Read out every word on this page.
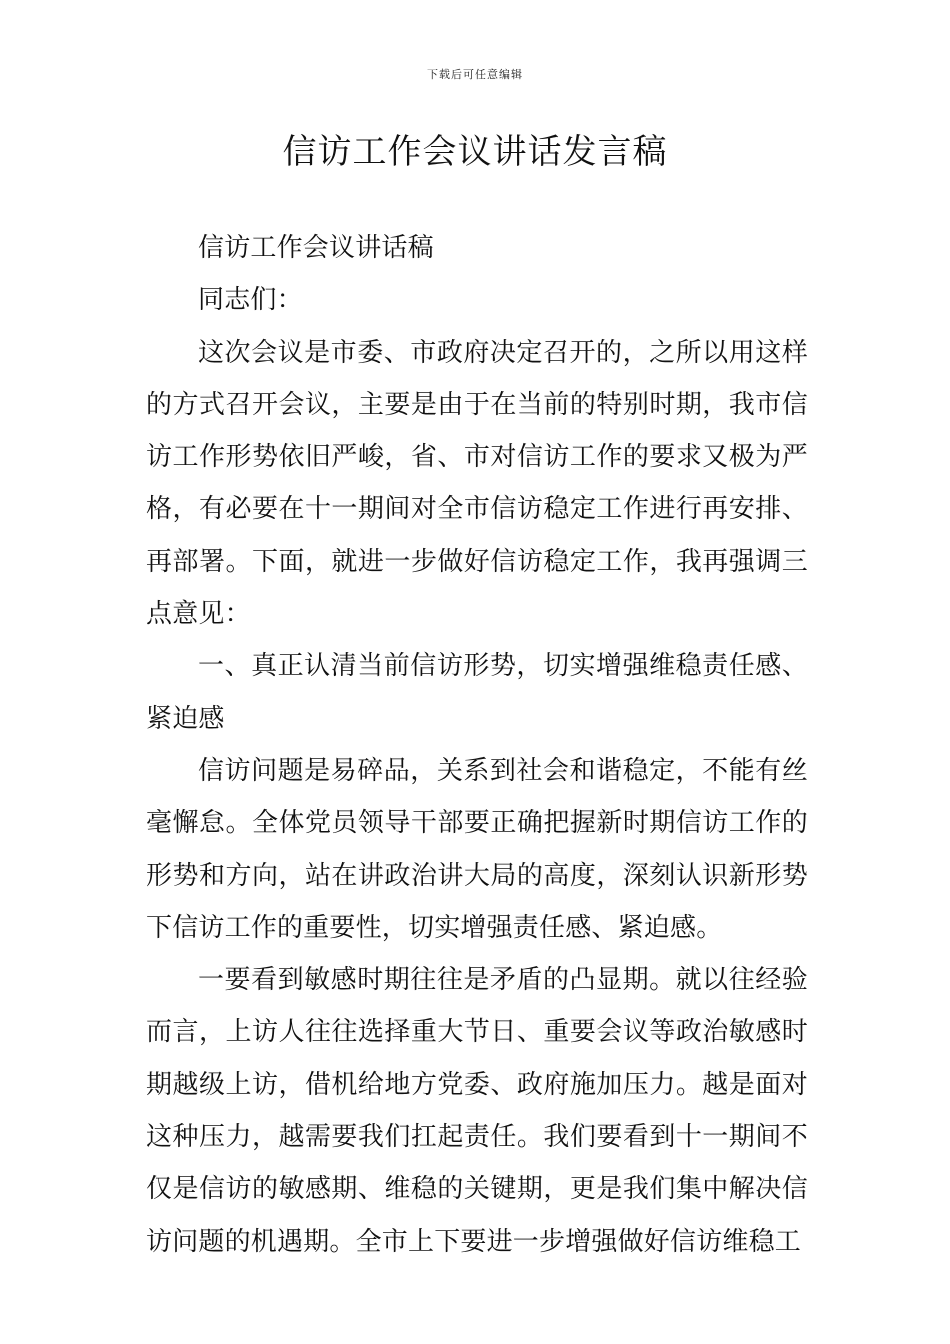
下载后可任意编辑
信访工作会议讲话发言稿

信访工作会议讲话稿

同志们：

这次会议是市委、市政府决定召开的，之所以用这样的方式召开会议，主要是由于在当前的特别时期，我市信访工作形势依旧严峻，省、市对信访工作的要求又极为严格，有必要在十一期间对全市信访稳定工作进行再安排、再部署。下面，就进一步做好信访稳定工作，我再强调三点意见：

一、真正认清当前信访形势，切实增强维稳责任感、紧迫感

信访问题是易碎品，关系到社会和谐稳定，不能有丝毫懈怠。全体党员领导干部要正确把握新时期信访工作的形势和方向，站在讲政治讲大局的高度，深刻认识新形势下信访工作的重要性，切实增强责任感、紧迫感。

一要看到敏感时期往往是矛盾的凸显期。就以往经验而言，上访人往往选择重大节日、重要会议等政治敏感时期越级上访，借机给地方党委、政府施加压力。越是面对这种压力，越需要我们扛起责任。我们要看到十一期间不仅是信访的敏感期、维稳的关键期，更是我们集中解决信访问题的机遇期。全市上下要进一步增强做好信访维稳工
